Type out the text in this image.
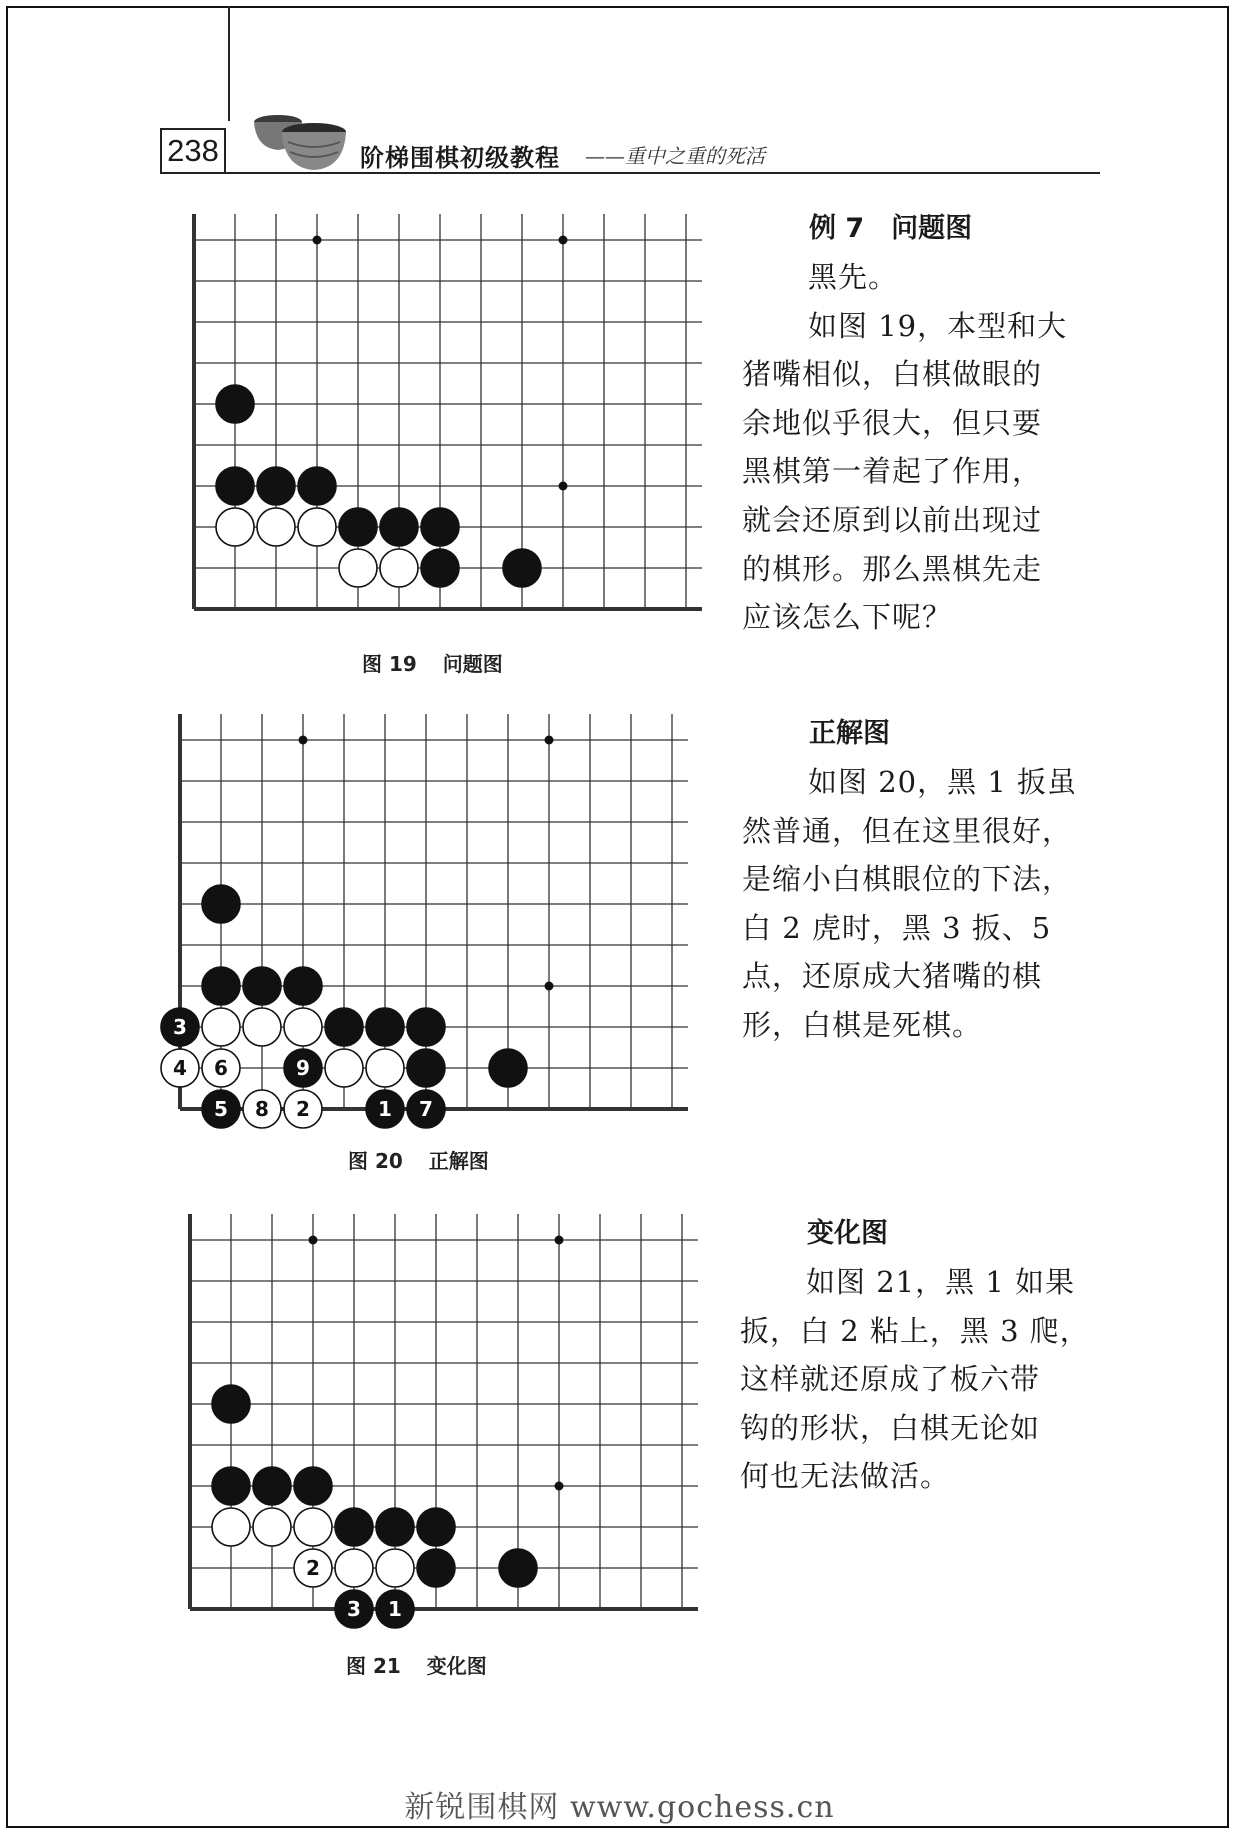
238	阶梯围棋初级教程 ——重中之重的死活
图 19 问题图
3
9
5	1 7
4 6
8 2
图 20 正解图
3 1
2
图 21 变化图
例 7　问题图

黑先。

如图 19，本型和大

猪嘴相似，白棋做眼的

余地似乎很大，但只要

黑棋第一着起了作用，

就会还原到以前出现过

的棋形。那么黑棋先走

应该怎么下呢？

正解图

如图 20，黑 1 扳虽

然普通，但在这里很好，

是缩小白棋眼位的下法，

白 2 虎时，黑 3 扳、5

点，还原成大猪嘴的棋

形，白棋是死棋。

变化图

如图 21，黑 1 如果

扳，白 2 粘上，黑 3 爬，

这样就还原成了板六带

钩的形状，白棋无论如

何也无法做活。

新锐围棋网 www.gochess.cn
